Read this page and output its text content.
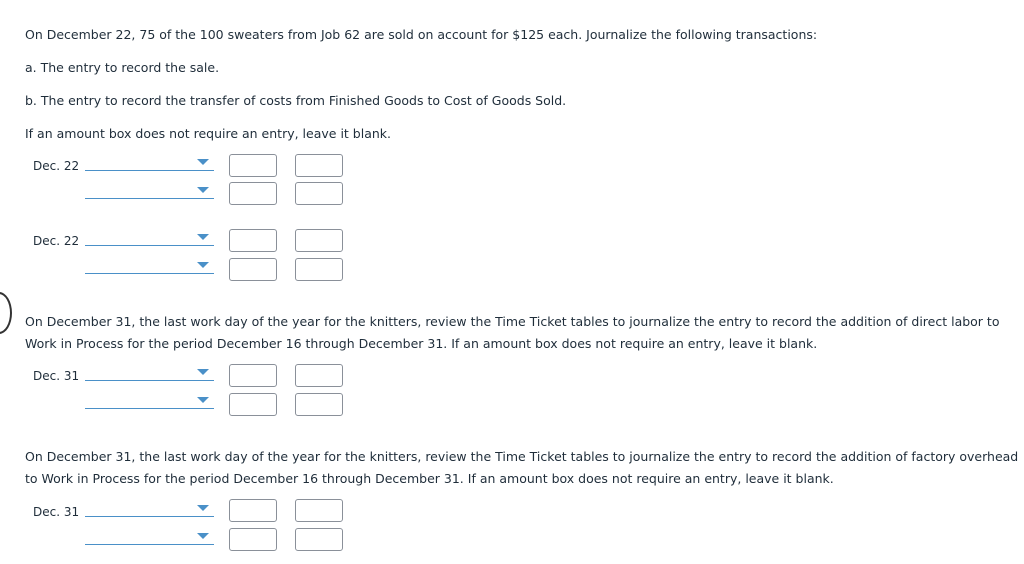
On December 22, 75 of the 100 sweaters from Job 62 are sold on account for $125 each. Journalize the following transactions:
a. The entry to record the sale.
b. The entry to record the transfer of costs from Finished Goods to Cost of Goods Sold.
If an amount box does not require an entry, leave it blank.
Dec. 22
Dec. 22
On December 31, the last work day of the year for the knitters, review the Time Ticket tables to journalize the entry to record the addition of direct labor to Work in Process for the period December 16 through December 31. If an amount box does not require an entry, leave it blank.
Dec. 31
On December 31, the last work day of the year for the knitters, review the Time Ticket tables to journalize the entry to record the addition of factory overhead to Work in Process for the period December 16 through December 31. If an amount box does not require an entry, leave it blank.
Dec. 31
